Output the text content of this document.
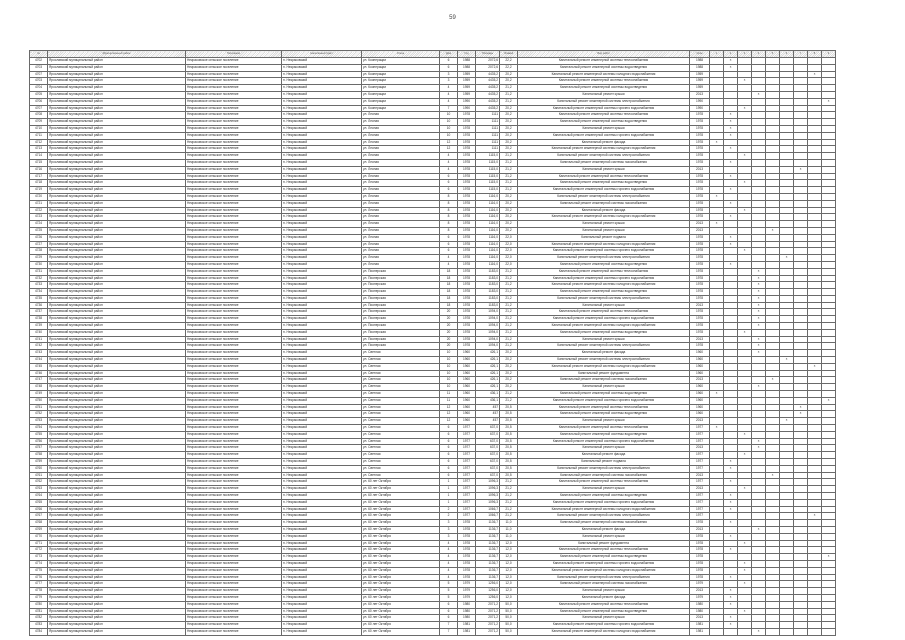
59
№	Муниципальный район	Поселение	Населённый пункт	Улица	Дом	Год	Площадь	Этажей	Вид работ	Срок	1	2	3	4	5	6	7	8	9
4702	Ярославский муниципальный район	Некрасовское сельское поселение	п. Некрасовский	ул. Кооперации	6	1988	2072,6	22,2	Капитальный ремонт инженерной системы теплоснабжения	1988		×							
4703	Ярославский муниципальный район	Некрасовское сельское поселение	п. Некрасовский	ул. Кооперации	6	1988	2072,6	22,2	Капитальный ремонт инженерной системы водоотведения	1988		×							
4707	Ярославский муниципальный район	Некрасовское сельское поселение	п. Некрасовский	ул. Кооперации	3	1959	4435,2	20,2	Капитальный ремонт инженерной системы холодного водоснабжения	1959								×	
4703	Ярославский муниципальный район	Некрасовское сельское поселение	п. Некрасовский	ул. Кооперации	3	1959	4435,2	20,2	Капитальный ремонт инженерной системы теплоснабжения	1959			×						
4704	Ярославский муниципальный район	Некрасовское сельское поселение	п. Некрасовский	ул. Кооперации	4	1959	4435,2	21,2	Капитальный ремонт инженерной системы водоотведения	1959									
4705	Ярославский муниципальный район	Некрасовское сельское поселение	п. Некрасовский	ул. Кооперации	4	1959	4435,2	21,2	Капитальный ремонт крыши	2013				×					
4706	Ярославский муниципальный район	Некрасовское сельское поселение	п. Некрасовский	ул. Кооперации	4	1990	4435,2	21,2	Капитальный ремонт инженерной системы электроснабжения	1990									×
4707	Ярославский муниципальный район	Некрасовское сельское поселение	п. Некрасовский	ул. Кооперации	7	1990	4435,2	20,2	Капитальный ремонт инженерной системы горячего водоснабжения	1990			×						
4708	Ярославский муниципальный район	Некрасовское сельское поселение	п. Некрасовский	ул. Лесная	10	1978	1111	20,2	Капитальный ремонт инженерной системы теплоснабжения	1978		×							
4709	Ярославский муниципальный район	Некрасовское сельское поселение	п. Некрасовский	ул. Лесная	10	1978	1111	20,2	Капитальный ремонт инженерной системы водоотведения	1978		×							
4710	Ярославский муниципальный район	Некрасовское сельское поселение	п. Некрасовский	ул. Лесная	10	1978	1111	20,2	Капитальный ремонт крыши	1978		×							
4711	Ярославский муниципальный район	Некрасовское сельское поселение	п. Некрасовский	ул. Лесная	10	1978	1111	20,2	Капитальный ремонт инженерной системы горячего водоснабжения	1978		×							
4712	Ярославский муниципальный район	Некрасовское сельское поселение	п. Некрасовский	ул. Лесная	12	1978	1111	20,2	Капитальный ремонт фасада	1978	×								
4713	Ярославский муниципальный район	Некрасовское сельское поселение	п. Некрасовский	ул. Лесная	12	1978	1111	20,2	Капитальный ремонт инженерной системы холодного водоснабжения	1978		×							
4714	Ярославский муниципальный район	Некрасовское сельское поселение	п. Некрасовский	ул. Лесная	4	1978	1115,0	21,2	Капитальный ремонт инженерной системы электроснабжения	1978			×						
4715	Ярославский муниципальный район	Некрасовское сельское поселение	п. Некрасовский	ул. Лесная	4	1978	1115,0	21,2	Капитальный ремонт инженерной системы газоснабжения	1978		×							
4716	Ярославский муниципальный район	Некрасовское сельское поселение	п. Некрасовский	ул. Лесная	4	1978	1115,0	21,2	Капитальный ремонт крыши	2013							×		
4717	Ярославский муниципальный район	Некрасовское сельское поселение	п. Некрасовский	ул. Лесная	6	1978	1115,0	21,2	Капитальный ремонт инженерной системы теплоснабжения	1978		×							
4718	Ярославский муниципальный район	Некрасовское сельское поселение	п. Некрасовский	ул. Лесная	6	1978	1115,0	21,2	Капитальный ремонт инженерной системы водоотведения	1978			×						
4719	Ярославский муниципальный район	Некрасовское сельское поселение	п. Некрасовский	ул. Лесная	6	1978	1115,0	21,2	Капитальный ремонт инженерной системы горячего водоснабжения	1978		×							
4720	Ярославский муниципальный район	Некрасовское сельское поселение	п. Некрасовский	ул. Лесная	8	1978	1116,0	20,2	Капитальный ремонт инженерной системы электроснабжения	1978	×								
4721	Ярославский муниципальный район	Некрасовское сельское поселение	п. Некрасовский	ул. Лесная	8	1978	1116,0	20,2	Капитальный ремонт инженерной системы газоснабжения	1978		×							
4722	Ярославский муниципальный район	Некрасовское сельское поселение	п. Некрасовский	ул. Лесная	8	1978	1116,0	20,2	Капитальный ремонт фасада	1978			×						
4723	Ярославский муниципальный район	Некрасовское сельское поселение	п. Некрасовский	ул. Лесная	8	1978	1116,0	20,2	Капитальный ремонт инженерной системы холодного водоснабжения	1978		×							
4724	Ярославский муниципальный район	Некрасовское сельское поселение	п. Некрасовский	ул. Лесная	8	1978	1116,0	20,2	Капитальный ремонт крыши	2013	×								
4725	Ярославский муниципальный район	Некрасовское сельское поселение	п. Некрасовский	ул. Лесная	8	1978	1116,0	20,2	Капитальный ремонт крыши	2013					×				
4726	Ярославский муниципальный район	Некрасовское сельское поселение	п. Некрасовский	ул. Лесная	6	1978	1116,0	22,0	Капитальный ремонт подвала	1978		×							
4727	Ярославский муниципальный район	Некрасовское сельское поселение	п. Некрасовский	ул. Лесная	6	1978	1116,0	22,0	Капитальный ремонт инженерной системы холодного водоснабжения	1978		×							
4728	Ярославский муниципальный район	Некрасовское сельское поселение	п. Некрасовский	ул. Лесная	6	1978	1116,0	22,0	Капитальный ремонт инженерной системы горячего водоснабжения	1978			×						
4729	Ярославский муниципальный район	Некрасовское сельское поселение	п. Некрасовский	ул. Лесная	4	1978	1116,0	22,0	Капитальный ремонт инженерной системы электроснабжения	1978						×			
4730	Ярославский муниципальный район	Некрасовское сельское поселение	п. Некрасовский	ул. Лесная	4	1978	1116,0	22,0	Капитальный ремонт инженерной системы водоотведения	1978		×							
4731	Ярославский муниципальный район	Некрасовское сельское поселение	п. Некрасовский	ул. Пионерская	18	1978	1183,0	21,2	Капитальный ремонт инженерной системы теплоснабжения	1978				×					
4732	Ярославский муниципальный район	Некрасовское сельское поселение	п. Некрасовский	ул. Пионерская	18	1978	1183,0	21,2	Капитальный ремонт инженерной системы горячего водоснабжения	1978				×					
4733	Ярославский муниципальный район	Некрасовское сельское поселение	п. Некрасовский	ул. Пионерская	18	1978	1183,0	21,2	Капитальный ремонт инженерной системы холодного водоснабжения	1978				×					
4734	Ярославский муниципальный район	Некрасовское сельское поселение	п. Некрасовский	ул. Пионерская	18	1978	1183,0	21,2	Капитальный ремонт инженерной системы водоотведения	1978				×					
4735	Ярославский муниципальный район	Некрасовское сельское поселение	п. Некрасовский	ул. Пионерская	18	1978	1183,0	21,2	Капитальный ремонт инженерной системы электроснабжения	1978				×					
4736	Ярославский муниципальный район	Некрасовское сельское поселение	п. Некрасовский	ул. Пионерская	18	1978	1183,0	21,2	Капитальный ремонт крыши	2013				×					
4737	Ярославский муниципальный район	Некрасовское сельское поселение	п. Некрасовский	ул. Пионерская	20	1978	1094,0	21,2	Капитальный ремонт инженерной системы теплоснабжения	1978				×					
4738	Ярославский муниципальный район	Некрасовское сельское поселение	п. Некрасовский	ул. Пионерская	20	1978	1094,0	21,2	Капитальный ремонт инженерной системы горячего водоснабжения	1978				×					
4739	Ярославский муниципальный район	Некрасовское сельское поселение	п. Некрасовский	ул. Пионерская	20	1978	1094,0	21,2	Капитальный ремонт инженерной системы холодного водоснабжения	1978				×					
4740	Ярославский муниципальный район	Некрасовское сельское поселение	п. Некрасовский	ул. Пионерская	20	1978	1094,0	21,2	Капитальный ремонт инженерной системы водоотведения	1978			×						
4741	Ярославский муниципальный район	Некрасовское сельское поселение	п. Некрасовский	ул. Пионерская	20	1978	1094,0	21,2	Капитальный ремонт крыши	2013				×					
4742	Ярославский муниципальный район	Некрасовское сельское поселение	п. Некрасовский	ул. Пионерская	20	1978	1094,0	21,2	Капитальный ремонт инженерной системы электроснабжения	1978				×					
4743	Ярославский муниципальный район	Некрасовское сельское поселение	п. Некрасовский	ул. Светлая	10	1960	426,1	20,2	Капитальный ремонт фасада	1960				×					
4744	Ярославский муниципальный район	Некрасовское сельское поселение	п. Некрасовский	ул. Светлая	10	1960	426,1	20,2	Капитальный ремонт инженерной системы электроснабжения	1960						×			
4745	Ярославский муниципальный район	Некрасовское сельское поселение	п. Некрасовский	ул. Светлая	10	1960	426,1	20,2	Капитальный ремонт инженерной системы холодного водоснабжения	1960								×	
4746	Ярославский муниципальный район	Некрасовское сельское поселение	п. Некрасовский	ул. Светлая	10	1960	426,1	20,2	Капитальный ремонт фундамента	1960									
4747	Ярославский муниципальный район	Некрасовское сельское поселение	п. Некрасовский	ул. Светлая	10	1960	426,1	20,2	Капитальный ремонт инженерной системы газоснабжения	2013					×				
4748	Ярославский муниципальный район	Некрасовское сельское поселение	п. Некрасовский	ул. Светлая	10	1960	426,1	20,2	Капитальный ремонт крыши	1960				×					
4749	Ярославский муниципальный район	Некрасовское сельское поселение	п. Некрасовский	ул. Светлая	11	1960	436,1	21,2	Капитальный ремонт инженерной системы водоотведения	1960	×								
4750	Ярославский муниципальный район	Некрасовское сельское поселение	п. Некрасовский	ул. Светлая	11	1960	436,1	21,2	Капитальный ремонт инженерной системы горячего водоснабжения	1960									×
4751	Ярославский муниципальный район	Некрасовское сельское поселение	п. Некрасовский	ул. Светлая	12	1960	457	20,5	Капитальный ремонт инженерной системы теплоснабжения	1960							×		
4752	Ярославский муниципальный район	Некрасовское сельское поселение	п. Некрасовский	ул. Светлая	12	1960	457	20,5	Капитальный ремонт инженерной системы водоотведения	1960							×		
4753	Ярославский муниципальный район	Некрасовское сельское поселение	п. Некрасовский	ул. Светлая	12	1960	457	20,5	Капитальный ремонт крыши	2013						×			
4754	Ярославский муниципальный район	Некрасовское сельское поселение	п. Некрасовский	ул. Светлая	6	1977	637,0	20,5	Капитальный ремонт инженерной системы теплоснабжения	1977	×								
4755	Ярославский муниципальный район	Некрасовское сельское поселение	п. Некрасовский	ул. Светлая	6	1977	637,0	20,5	Капитальный ремонт инженерной системы водоотведения	1977			×						
4756	Ярославский муниципальный район	Некрасовское сельское поселение	п. Некрасовский	ул. Светлая	6	1977	637,0	20,5	Капитальный ремонт инженерной системы горячего водоснабжения	1977				×					
4757	Ярославский муниципальный район	Некрасовское сельское поселение	п. Некрасовский	ул. Светлая	6	1977	637,0	20,5	Капитальный ремонт крыши	2013				×					
4758	Ярославский муниципальный район	Некрасовское сельское поселение	п. Некрасовский	ул. Светлая	6	1977	637,0	20,5	Капитальный ремонт фасада	1977			×						
4759	Ярославский муниципальный район	Некрасовское сельское поселение	п. Некрасовский	ул. Светлая	6	1977	637,0	20,5	Капитальный ремонт подвала	1977		×							
4760	Ярославский муниципальный район	Некрасовское сельское поселение	п. Некрасовский	ул. Светлая	6	1977	637,0	20,5	Капитальный ремонт инженерной системы электроснабжения	1977		×							
4761	Ярославский муниципальный район	Некрасовское сельское поселение	п. Некрасовский	ул. Светлая	6	1977	637,0	20,5	Капитальный ремонт инженерной системы газоснабжения	2013					×				
4762	Ярославский муниципальный район	Некрасовское сельское поселение	п. Некрасовский	ул. 60 лет Октября	1	1977	1096,3	21,2	Капитальный ремонт инженерной системы теплоснабжения	1977		×							
4763	Ярославский муниципальный район	Некрасовское сельское поселение	п. Некрасовский	ул. 60 лет Октября	1	1977	1096,3	21,2	Капитальный ремонт крыши	2013			×						
4764	Ярославский муниципальный район	Некрасовское сельское поселение	п. Некрасовский	ул. 60 лет Октября	1	1977	1096,3	21,2	Капитальный ремонт инженерной системы водоотведения	1977		×							
4765	Ярославский муниципальный район	Некрасовское сельское поселение	п. Некрасовский	ул. 60 лет Октября	1	1977	1096,3	21,2	Капитальный ремонт инженерной системы горячего водоснабжения	1977		×							
4766	Ярославский муниципальный район	Некрасовское сельское поселение	п. Некрасовский	ул. 60 лет Октября	2	1977	1066,7	21,2	Капитальный ремонт инженерной системы холодного водоснабжения	1977		×							
4767	Ярославский муниципальный район	Некрасовское сельское поселение	п. Некрасовский	ул. 60 лет Октября	2	1977	1066,7	21,2	Капитальный ремонт инженерной системы электроснабжения	1977								×	
4768	Ярославский муниципальный район	Некрасовское сельское поселение	п. Некрасовский	ул. 60 лет Октября	3	1978	1136,7	11,0	Капитальный ремонт инженерной системы газоснабжения	1978		×							
4769	Ярославский муниципальный район	Некрасовское сельское поселение	п. Некрасовский	ул. 60 лет Октября	3	1978	1136,7	11,0	Капитальный ремонт фасада	2013				×					
4770	Ярославский муниципальный район	Некрасовское сельское поселение	п. Некрасовский	ул. 60 лет Октября	3	1978	1136,7	11,0	Капитальный ремонт крыши	1978		×							
4771	Ярославский муниципальный район	Некрасовское сельское поселение	п. Некрасовский	ул. 60 лет Октября	4	1978	1136,7	12,0	Капитальный ремонт фундамента	1978			×						
4772	Ярославский муниципальный район	Некрасовское сельское поселение	п. Некрасовский	ул. 60 лет Октября	4	1978	1136,7	12,0	Капитальный ремонт инженерной системы теплоснабжения	1978		×							
4773	Ярославский муниципальный район	Некрасовское сельское поселение	п. Некрасовский	ул. 60 лет Октября	4	1978	1136,7	12,0	Капитальный ремонт инженерной системы водоотведения	1978									×
4774	Ярославский муниципальный район	Некрасовское сельское поселение	п. Некрасовский	ул. 60 лет Октября	4	1978	1136,7	12,0	Капитальный ремонт инженерной системы горячего водоснабжения	1978			×						
4775	Ярославский муниципальный район	Некрасовское сельское поселение	п. Некрасовский	ул. 60 лет Октября	4	1978	1136,7	12,0	Капитальный ремонт инженерной системы холодного водоснабжения	1978			×						
4776	Ярославский муниципальный район	Некрасовское сельское поселение	п. Некрасовский	ул. 60 лет Октября	4	1978	1136,7	12,0	Капитальный ремонт инженерной системы электроснабжения	1978		×							
4777	Ярославский муниципальный район	Некрасовское сельское поселение	п. Некрасовский	ул. 60 лет Октября	5	1979	1256,0	12,0	Капитальный ремонт инженерной системы газоснабжения	1979			×						
4778	Ярославский муниципальный район	Некрасовское сельское поселение	п. Некрасовский	ул. 60 лет Октября	5	1979	1256,0	12,0	Капитальный ремонт крыши	2013		×							
4779	Ярославский муниципальный район	Некрасовское сельское поселение	п. Некрасовский	ул. 60 лет Октября	5	1979	1256,0	12,0	Капитальный ремонт фасада	1979		×							
4780	Ярославский муниципальный район	Некрасовское сельское поселение	п. Некрасовский	ул. 60 лет Октября	6	1980	2071,2	50,0	Капитальный ремонт инженерной системы теплоснабжения	1980		×							
4781	Ярославский муниципальный район	Некрасовское сельское поселение	п. Некрасовский	ул. 60 лет Октября	6	1980	2071,2	50,0	Капитальный ремонт инженерной системы водоотведения	1980			×						
4782	Ярославский муниципальный район	Некрасовское сельское поселение	п. Некрасовский	ул. 60 лет Октября	6	1980	2071,2	50,0	Капитальный ремонт крыши	2013		×							
4783	Ярославский муниципальный район	Некрасовское сельское поселение	п. Некрасовский	ул. 60 лет Октября	7	1981	2071,2	50,0	Капитальный ремонт инженерной системы горячего водоснабжения	1981		×							
4784	Ярославский муниципальный район	Некрасовское сельское поселение	п. Некрасовский	ул. 60 лет Октября	7	1981	2071,2	50,0	Капитальный ремонт инженерной системы холодного водоснабжения	1981				×					
